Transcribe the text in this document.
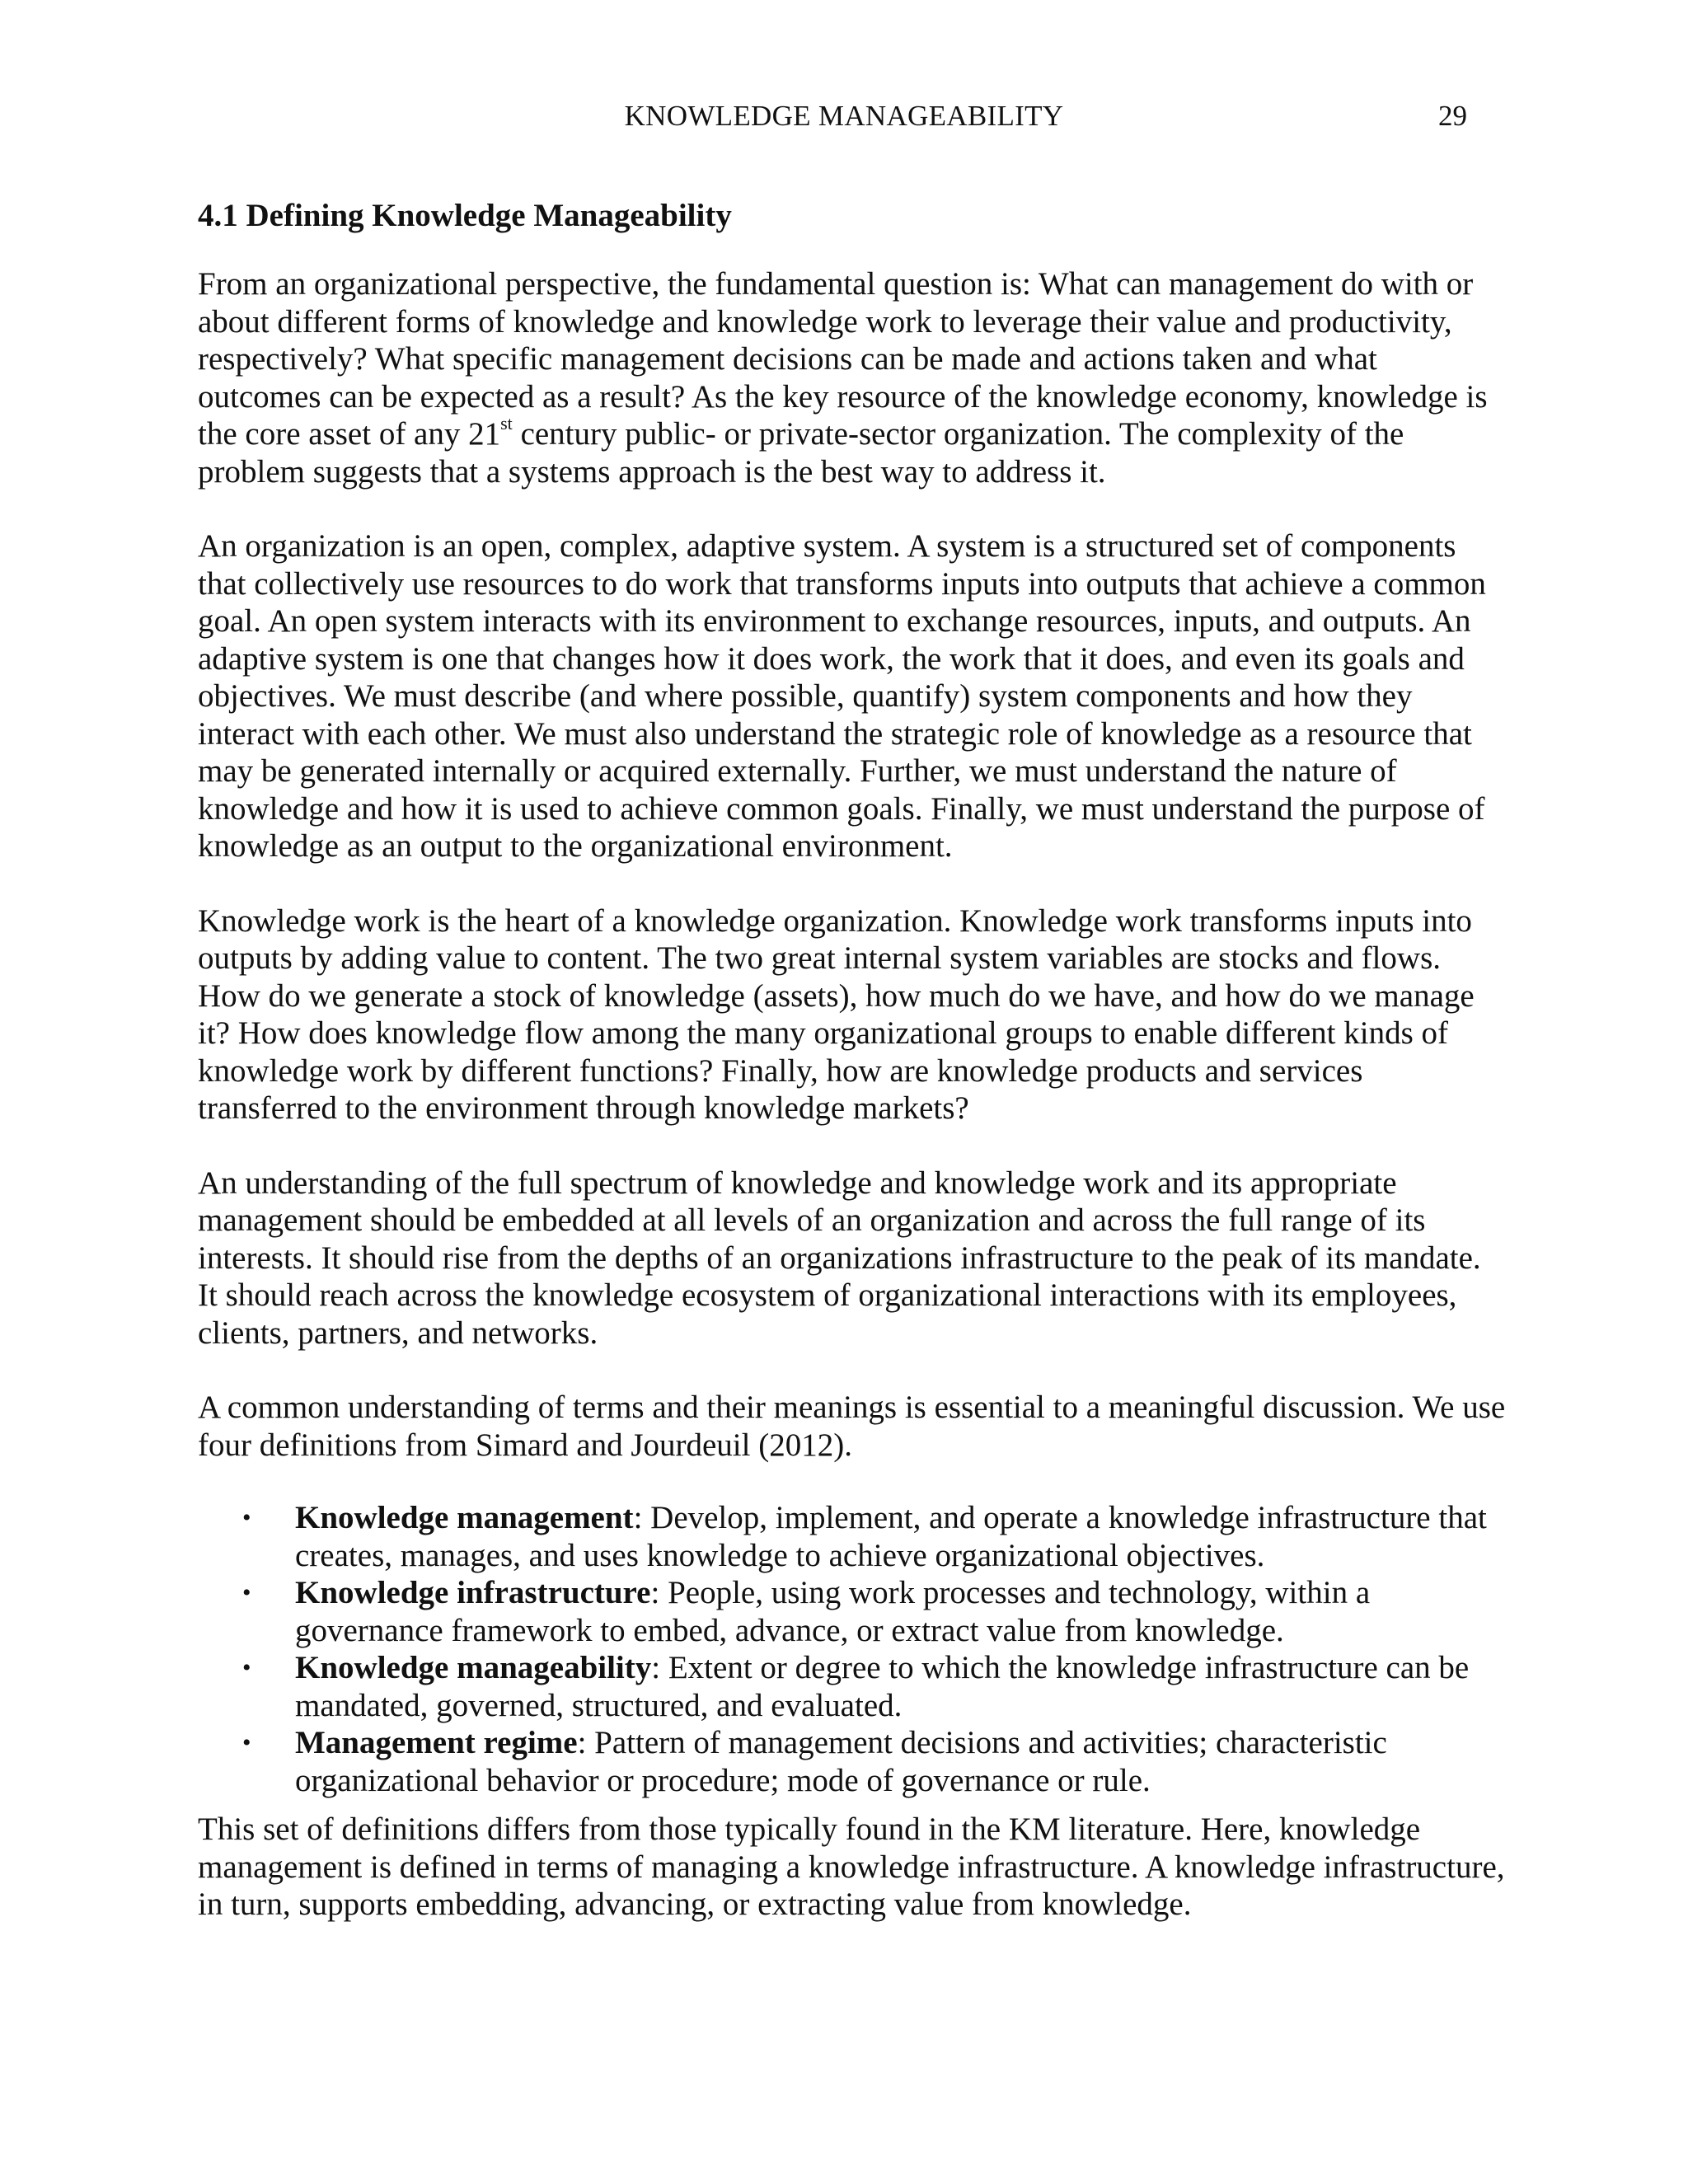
KNOWLEDGE MANAGEABILITY	29
4.1 Defining Knowledge Manageability

From an organizational perspective, the fundamental question is: What can management do with or about different forms of knowledge and knowledge work to leverage their value and productivity, respectively? What specific management decisions can be made and actions taken and what outcomes can be expected as a result? As the key resource of the knowledge economy, knowledge is the core asset of any 21st century public- or private-sector organization. The complexity of the problem suggests that a systems approach is the best way to address it.

An organization is an open, complex, adaptive system. A system is a structured set of components that collectively use resources to do work that transforms inputs into outputs that achieve a common goal. An open system interacts with its environment to exchange resources, inputs, and outputs. An adaptive system is one that changes how it does work, the work that it does, and even its goals and objectives. We must describe (and where possible, quantify) system components and how they interact with each other. We must also understand the strategic role of knowledge as a resource that may be generated internally or acquired externally. Further, we must understand the nature of knowledge and how it is used to achieve common goals. Finally, we must understand the purpose of knowledge as an output to the organizational environment.

Knowledge work is the heart of a knowledge organization. Knowledge work transforms inputs into outputs by adding value to content. The two great internal system variables are stocks and flows. How do we generate a stock of knowledge (assets), how much do we have, and how do we manage it? How does knowledge flow among the many organizational groups to enable different kinds of knowledge work by different functions? Finally, how are knowledge products and services transferred to the environment through knowledge markets?

An understanding of the full spectrum of knowledge and knowledge work and its appropriate management should be embedded at all levels of an organization and across the full range of its interests. It should rise from the depths of an organizations infrastructure to the peak of its mandate. It should reach across the knowledge ecosystem of organizational interactions with its employees, clients, partners, and networks.

A common understanding of terms and their meanings is essential to a meaningful discussion. We use four definitions from Simard and Jourdeuil (2012).

• Knowledge management: Develop, implement, and operate a knowledge infrastructure that creates, manages, and uses knowledge to achieve organizational objectives.
• Knowledge infrastructure: People, using work processes and technology, within a governance framework to embed, advance, or extract value from knowledge.
• Knowledge manageability: Extent or degree to which the knowledge infrastructure can be mandated, governed, structured, and evaluated.
• Management regime: Pattern of management decisions and activities; characteristic organizational behavior or procedure; mode of governance or rule.

This set of definitions differs from those typically found in the KM literature. Here, knowledge management is defined in terms of managing a knowledge infrastructure. A knowledge infrastructure, in turn, supports embedding, advancing, or extracting value from knowledge.
